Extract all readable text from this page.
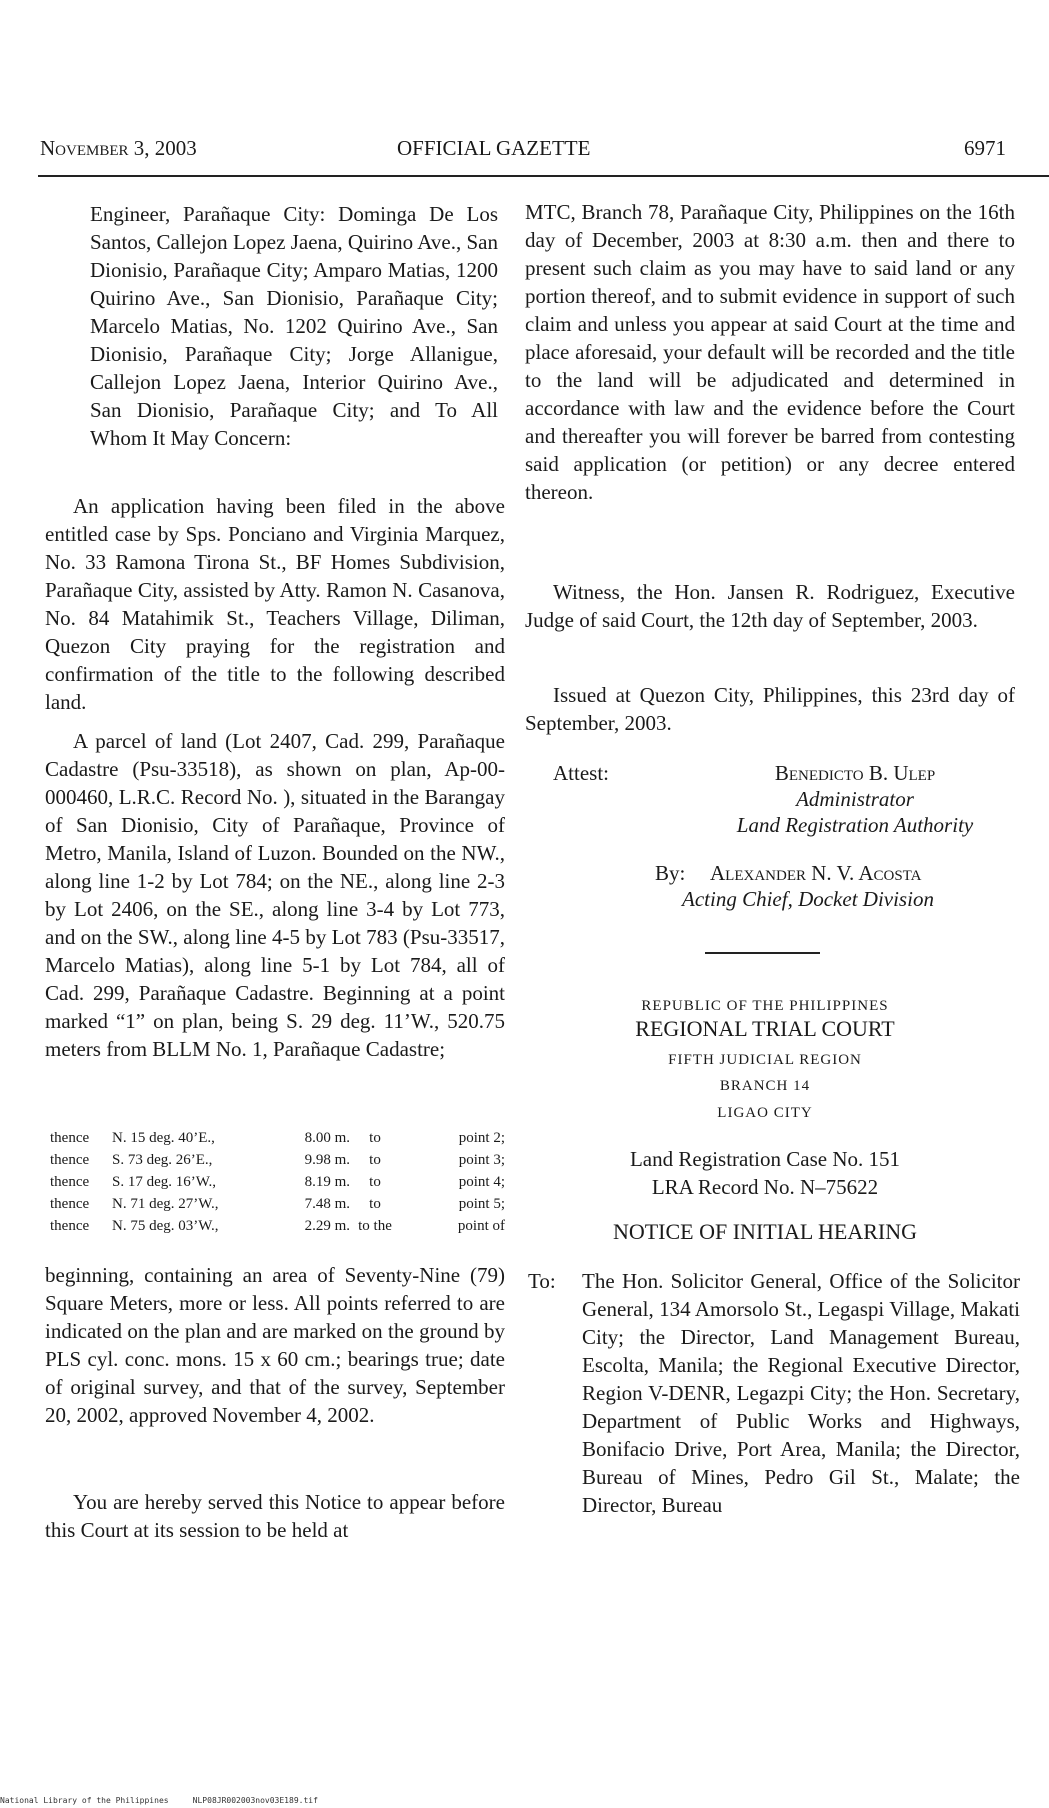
November 3, 2003	OFFICIAL GAZETTE	6971
Engineer, Parañaque City: Dominga De Los Santos, Callejon Lopez Jaena, Quirino Ave., San Dionisio, Parañaque City; Amparo Matias, 1200 Quirino Ave., San Dionisio, Parañaque City; Marcelo Matias, No. 1202 Quirino Ave., San Dionisio, Parañaque City; Jorge Allanigue, Callejon Lopez Jaena, Interior Quirino Ave., San Dionisio, Parañaque City; and To All Whom It May Concern:
An application having been filed in the above entitled case by Sps. Ponciano and Virginia Marquez, No. 33 Ramona Tirona St., BF Homes Subdivision, Parañaque City, assisted by Atty. Ramon N. Casanova, No. 84 Matahimik St., Teachers Village, Diliman, Quezon City praying for the registration and confirmation of the title to the following described land.
A parcel of land (Lot 2407, Cad. 299, Parañaque Cadastre (Psu-33518), as shown on plan, Ap-00-000460, L.R.C. Record No. ), situated in the Barangay of San Dionisio, City of Parañaque, Province of Metro, Manila, Island of Luzon. Bounded on the NW., along line 1-2 by Lot 784; on the NE., along line 2-3 by Lot 2406, on the SE., along line 3-4 by Lot 773, and on the SW., along line 4-5 by Lot 783 (Psu-33517, Marcelo Matias), along line 5-1 by Lot 784, all of Cad. 299, Parañaque Cadastre. Beginning at a point marked “1” on plan, being S. 29 deg. 11’W., 520.75 meters from BLLM No. 1, Parañaque Cadastre;
thence	N. 15 deg. 40’E.,	8.00 m.	to	point 2;
thence	S. 73 deg. 26’E.,	9.98 m.	to	point 3;
thence	S. 17 deg. 16’W.,	8.19 m.	to	point 4;
thence	N. 71 deg. 27’W.,	7.48 m.	to	point 5;
thence	N. 75 deg. 03’W.,	2.29 m. to the	point of
beginning, containing an area of Seventy-Nine (79) Square Meters, more or less. All points referred to are indicated on the plan and are marked on the ground by PLS cyl. conc. mons. 15 x 60 cm.; bearings true; date of original survey, and that of the survey, September 20, 2002, approved November 4, 2002.
You are hereby served this Notice to appear before this Court at its session to be held at
MTC, Branch 78, Parañaque City, Philippines on the 16th day of December, 2003 at 8:30 a.m. then and there to present such claim as you may have to said land or any portion thereof, and to submit evidence in support of such claim and unless you appear at said Court at the time and place aforesaid, your default will be recorded and the title to the land will be adjudicated and determined in accordance with law and the evidence before the Court and thereafter you will forever be barred from contesting said application (or petition) or any decree entered thereon.
Witness, the Hon. Jansen R. Rodriguez, Executive Judge of said Court, the 12th day of September, 2003.
Issued at Quezon City, Philippines, this 23rd day of September, 2003.
Attest:	Benedicto B. Ulep
Administrator
Land Registration Authority
By: Alexander N. V. Acosta
Acting Chief, Docket Division
REPUBLIC OF THE PHILIPPINES
REGIONAL TRIAL COURT
FIFTH JUDICIAL REGION
BRANCH 14
LIGAO CITY
Land Registration Case No. 151
LRA Record No. N–75622
NOTICE OF INITIAL HEARING
To: The Hon. Solicitor General, Office of the Solicitor General, 134 Amorsolo St., Legaspi Village, Makati City; the Director, Land Management Bureau, Escolta, Manila; the Regional Executive Director, Region V-DENR, Legazpi City; the Hon. Secretary, Department of Public Works and Highways, Bonifacio Drive, Port Area, Manila; the Director, Bureau of Mines, Pedro Gil St., Malate; the Director, Bureau
National Library of the Philippines	NLP08JR002003nov03E189.tif
